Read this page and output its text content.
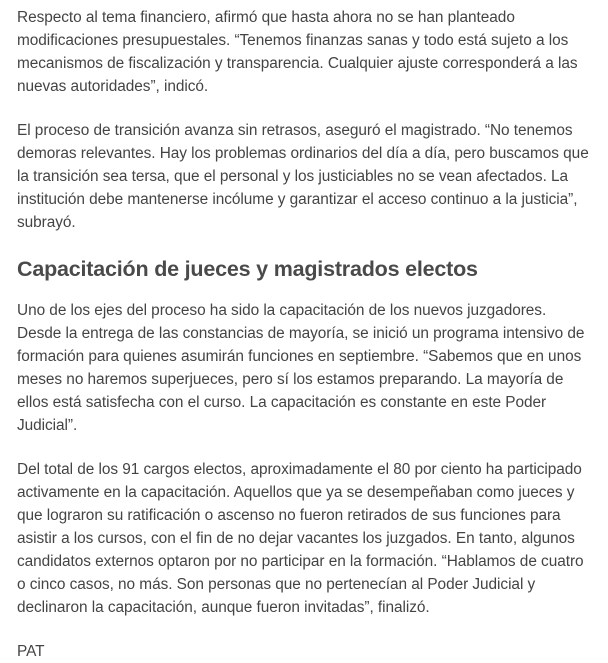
Respecto al tema financiero, afirmó que hasta ahora no se han planteado modificaciones presupuestales. “Tenemos finanzas sanas y todo está sujeto a los mecanismos de fiscalización y transparencia. Cualquier ajuste corresponderá a las nuevas autoridades”, indicó.

El proceso de transición avanza sin retrasos, aseguró el magistrado. “No tenemos demoras relevantes. Hay los problemas ordinarios del día a día, pero buscamos que la transición sea tersa, que el personal y los justiciables no se vean afectados. La institución debe mantenerse incólume y garantizar el acceso continuo a la justicia”, subrayó.

Capacitación de jueces y magistrados electos

Uno de los ejes del proceso ha sido la capacitación de los nuevos juzgadores. Desde la entrega de las constancias de mayoría, se inició un programa intensivo de formación para quienes asumirán funciones en septiembre. “Sabemos que en unos meses no haremos superjueces, pero sí los estamos preparando. La mayoría de ellos está satisfecha con el curso. La capacitación es constante en este Poder Judicial”.

Del total de los 91 cargos electos, aproximadamente el 80 por ciento ha participado activamente en la capacitación. Aquellos que ya se desempeñaban como jueces y que lograron su ratificación o ascenso no fueron retirados de sus funciones para asistir a los cursos, con el fin de no dejar vacantes los juzgados. En tanto, algunos candidatos externos optaron por no participar en la formación. “Hablamos de cuatro o cinco casos, no más. Son personas que no pertenecían al Poder Judicial y declinaron la capacitación, aunque fueron invitadas”, finalizó.

PAT
